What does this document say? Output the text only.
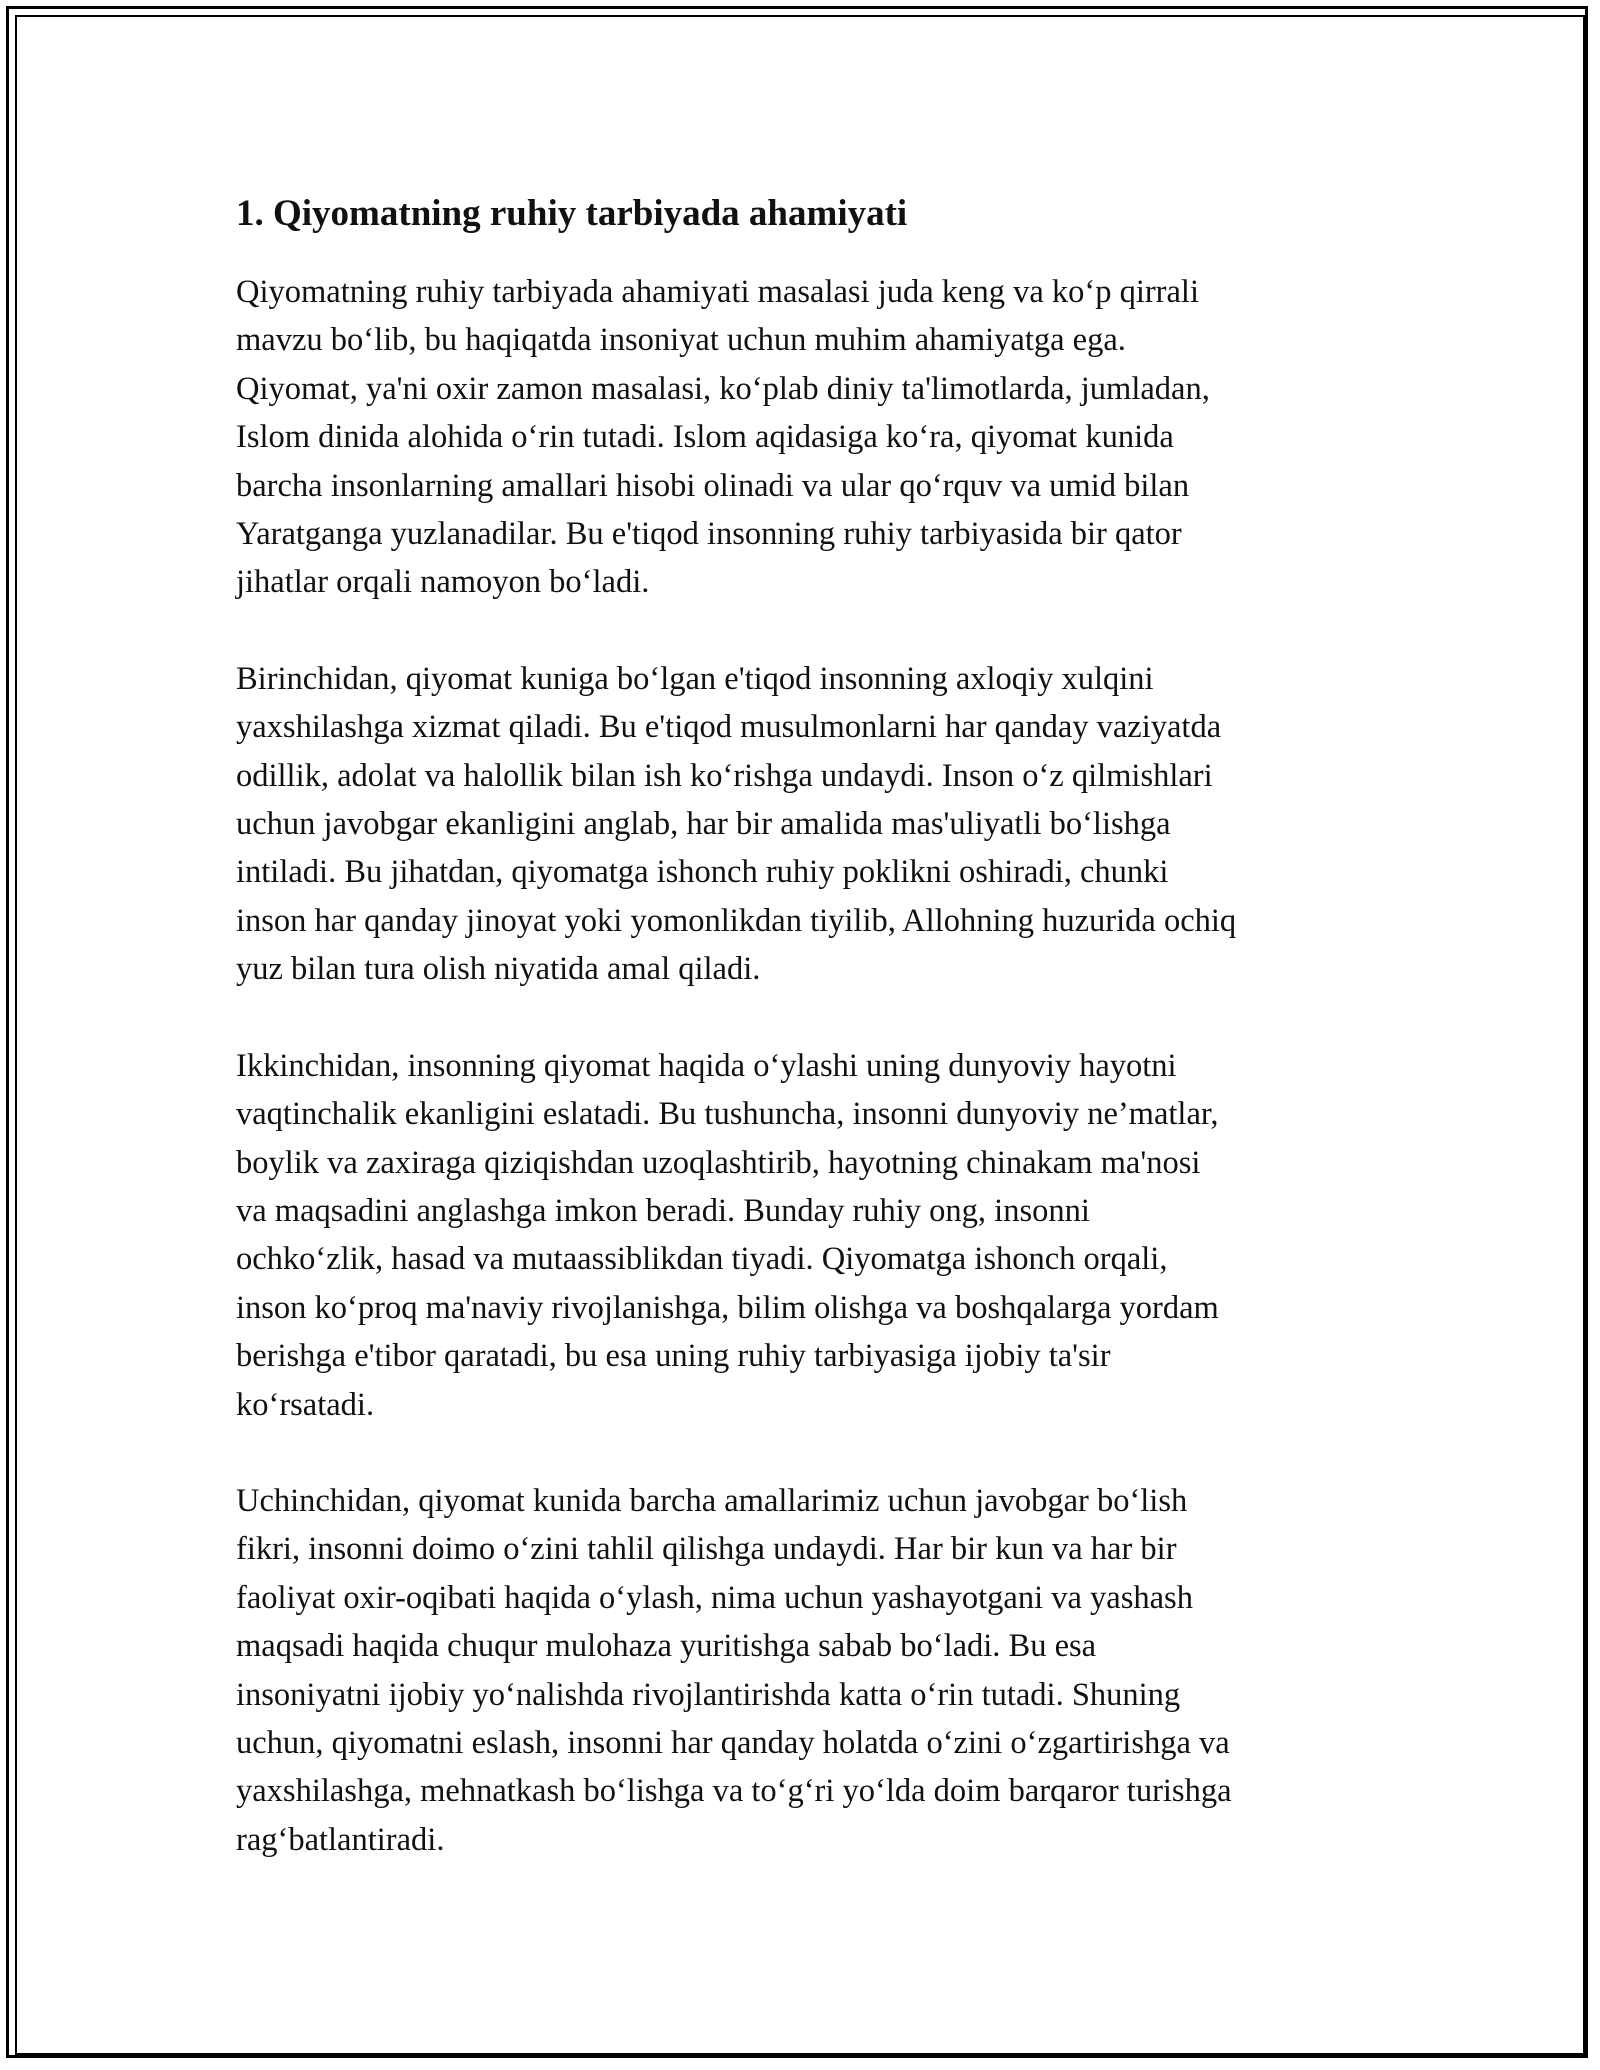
1. Qiyomatning ruhiy tarbiyada ahamiyati

Qiyomatning ruhiy tarbiyada ahamiyati masalasi juda keng va ko‘p qirrali
mavzu bo‘lib, bu haqiqatda insoniyat uchun muhim ahamiyatga ega.
Qiyomat, ya'ni oxir zamon masalasi, ko‘plab diniy ta'limotlarda, jumladan,
Islom dinida alohida o‘rin tutadi. Islom aqidasiga ko‘ra, qiyomat kunida
barcha insonlarning amallari hisobi olinadi va ular qo‘rquv va umid bilan
Yaratganga yuzlanadilar. Bu e'tiqod insonning ruhiy tarbiyasida bir qator
jihatlar orqali namoyon bo‘ladi.

Birinchidan, qiyomat kuniga bo‘lgan e'tiqod insonning axloqiy xulqini
yaxshilashga xizmat qiladi. Bu e'tiqod musulmonlarni har qanday vaziyatda
odillik, adolat va halollik bilan ish ko‘rishga undaydi. Inson o‘z qilmishlari
uchun javobgar ekanligini anglab, har bir amalida mas'uliyatli bo‘lishga
intiladi. Bu jihatdan, qiyomatga ishonch ruhiy poklikni oshiradi, chunki
inson har qanday jinoyat yoki yomonlikdan tiyilib, Allohning huzurida ochiq
yuz bilan tura olish niyatida amal qiladi.

Ikkinchidan, insonning qiyomat haqida o‘ylashi uning dunyoviy hayotni
vaqtinchalik ekanligini eslatadi. Bu tushuncha, insonni dunyoviy ne’matlar,
boylik va zaxiraga qiziqishdan uzoqlashtirib, hayotning chinakam ma'nosi
va maqsadini anglashga imkon beradi. Bunday ruhiy ong, insonni
ochko‘zlik, hasad va mutaassiblikdan tiyadi. Qiyomatga ishonch orqali,
inson ko‘proq ma'naviy rivojlanishga, bilim olishga va boshqalarga yordam
berishga e'tibor qaratadi, bu esa uning ruhiy tarbiyasiga ijobiy ta'sir
ko‘rsatadi.

Uchinchidan, qiyomat kunida barcha amallarimiz uchun javobgar bo‘lish
fikri, insonni doimo o‘zini tahlil qilishga undaydi. Har bir kun va har bir
faoliyat oxir-oqibati haqida o‘ylash, nima uchun yashayotgani va yashash
maqsadi haqida chuqur mulohaza yuritishga sabab bo‘ladi. Bu esa
insoniyatni ijobiy yo‘nalishda rivojlantirishda katta o‘rin tutadi. Shuning
uchun, qiyomatni eslash, insonni har qanday holatda o‘zini o‘zgartirishga va
yaxshilashga, mehnatkash bo‘lishga va to‘g‘ri yo‘lda doim barqaror turishga
rag‘batlantiradi.
